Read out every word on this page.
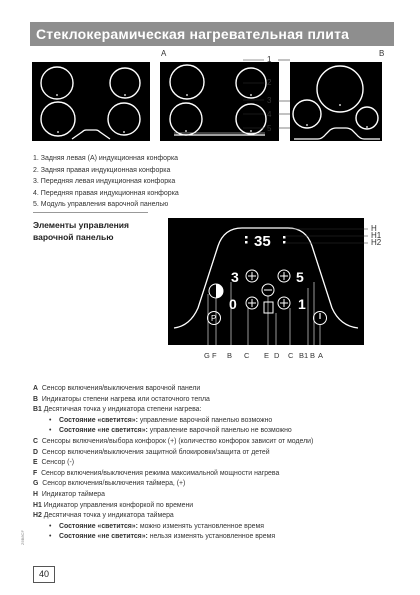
Стеклокерамическая нагревательная плита
A	B
1
2
3
4
5
1. Задняя левая (A) индукционная конфорка
2. Задняя правая индукционная конфорка
3. Передняя левая индукционная конфорка
4. Передняя правая индукционная конфорка
5. Модуль управления варочной панелью
Элементы управления
варочной панелью	35
3
0
5
1
P
H
H1
H2
G F B C E D C B1 B A
A Сенсор включения/выключения варочной панели
B Индикаторы степени нагрева или остаточного тепла
B1 Десятичная точка у индикатора степени нагрева:
• Состояние «светится»: управление варочной панелью возможно
• Состояние «не светится»: управление варочной панелью не возможно
C Сенсоры включения/выбора конфорок (+) (количество конфорок зависит от модели)
D Сенсор включения/выключения защитной блокировки/защита от детей
E Сенсор (-)
F Сенсор включения/выключения режима максимальной мощности нагрева
G Сенсор включения/выключения таймера, (+)
H Индикатор таймера
H1 Индикатор управления конфоркой по времени
H2 Десятичная точка у индикатора таймера
• Состояние «светится»: можно изменять установленное время
• Состояние «не светится»: нельзя изменять установленное время
Z6B8CF
40
